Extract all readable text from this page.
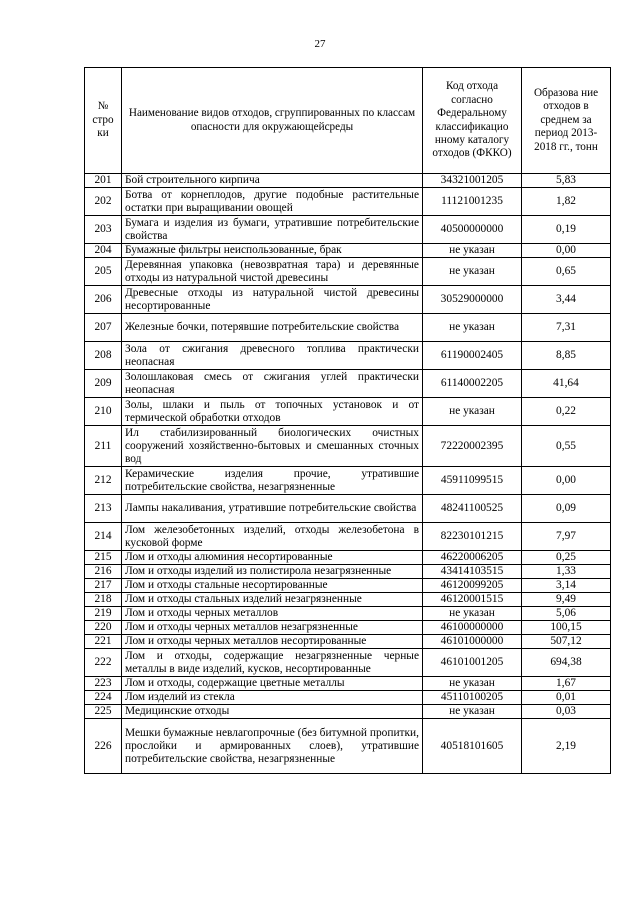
27
№ стро ки	Наименование видов отходов, сгруппированных по классам опасности для окружающейсреды	Код отхода согласно Федеральному классификацио нному каталогу отходов (ФККО)	Образова ние отходов в среднем за период 2013-2018 гг., тонн
201	Бой строительного кирпича	34321001205	5,83
202	Ботва от корнеплодов, другие подобные растительные остатки при выращивании овощей	11121001235	1,82
203	Бумага и изделия из бумаги, утратившие потребительские свойства	40500000000	0,19
204	Бумажные фильтры неиспользованные, брак	не указан	0,00
205	Деревянная упаковка (невозвратная тара) и деревянные отходы из натуральной чистой древесины	не указан	0,65
206	Древесные отходы из натуральной чистой древесины несортированные	30529000000	3,44
207	Железные бочки, потерявшие потребительские свойства	не указан	7,31
208	Зола от сжигания древесного топлива практически неопасная	61190002405	8,85
209	Золошлаковая смесь от сжигания углей практически неопасная	61140002205	41,64
210	Золы, шлаки и пыль от топочных установок и от термической обработки отходов	не указан	0,22
211	Ил стабилизированный биологических очистных сооружений хозяйственно-бытовых и смешанных сточных вод	72220002395	0,55
212	Керамические изделия прочие, утратившие потребительские свойства, незагрязненные	45911099515	0,00
213	Лампы накаливания, утратившие потребительские свойства	48241100525	0,09
214	Лом железобетонных изделий, отходы железобетона в кусковой форме	82230101215	7,97
215	Лом и отходы алюминия несортированные	46220006205	0,25
216	Лом и отходы изделий из полистирола незагрязненные	43414103515	1,33
217	Лом и отходы стальные несортированные	46120099205	3,14
218	Лом и отходы стальных изделий незагрязненные	46120001515	9,49
219	Лом и отходы черных металлов	не указан	5,06
220	Лом и отходы черных металлов незагрязненные	46100000000	100,15
221	Лом и отходы черных металлов несортированные	46101000000	507,12
222	Лом и отходы, содержащие незагрязненные черные металлы в виде изделий, кусков, несортированные	46101001205	694,38
223	Лом и отходы, содержащие цветные металлы	не указан	1,67
224	Лом изделий из стекла	45110100205	0,01
225	Медицинские отходы	не указан	0,03
226	Мешки бумажные невлагопрочные (без битумной пропитки, прослойки и армированных слоев), утратившие потребительские свойства, незагрязненные	40518101605	2,19
